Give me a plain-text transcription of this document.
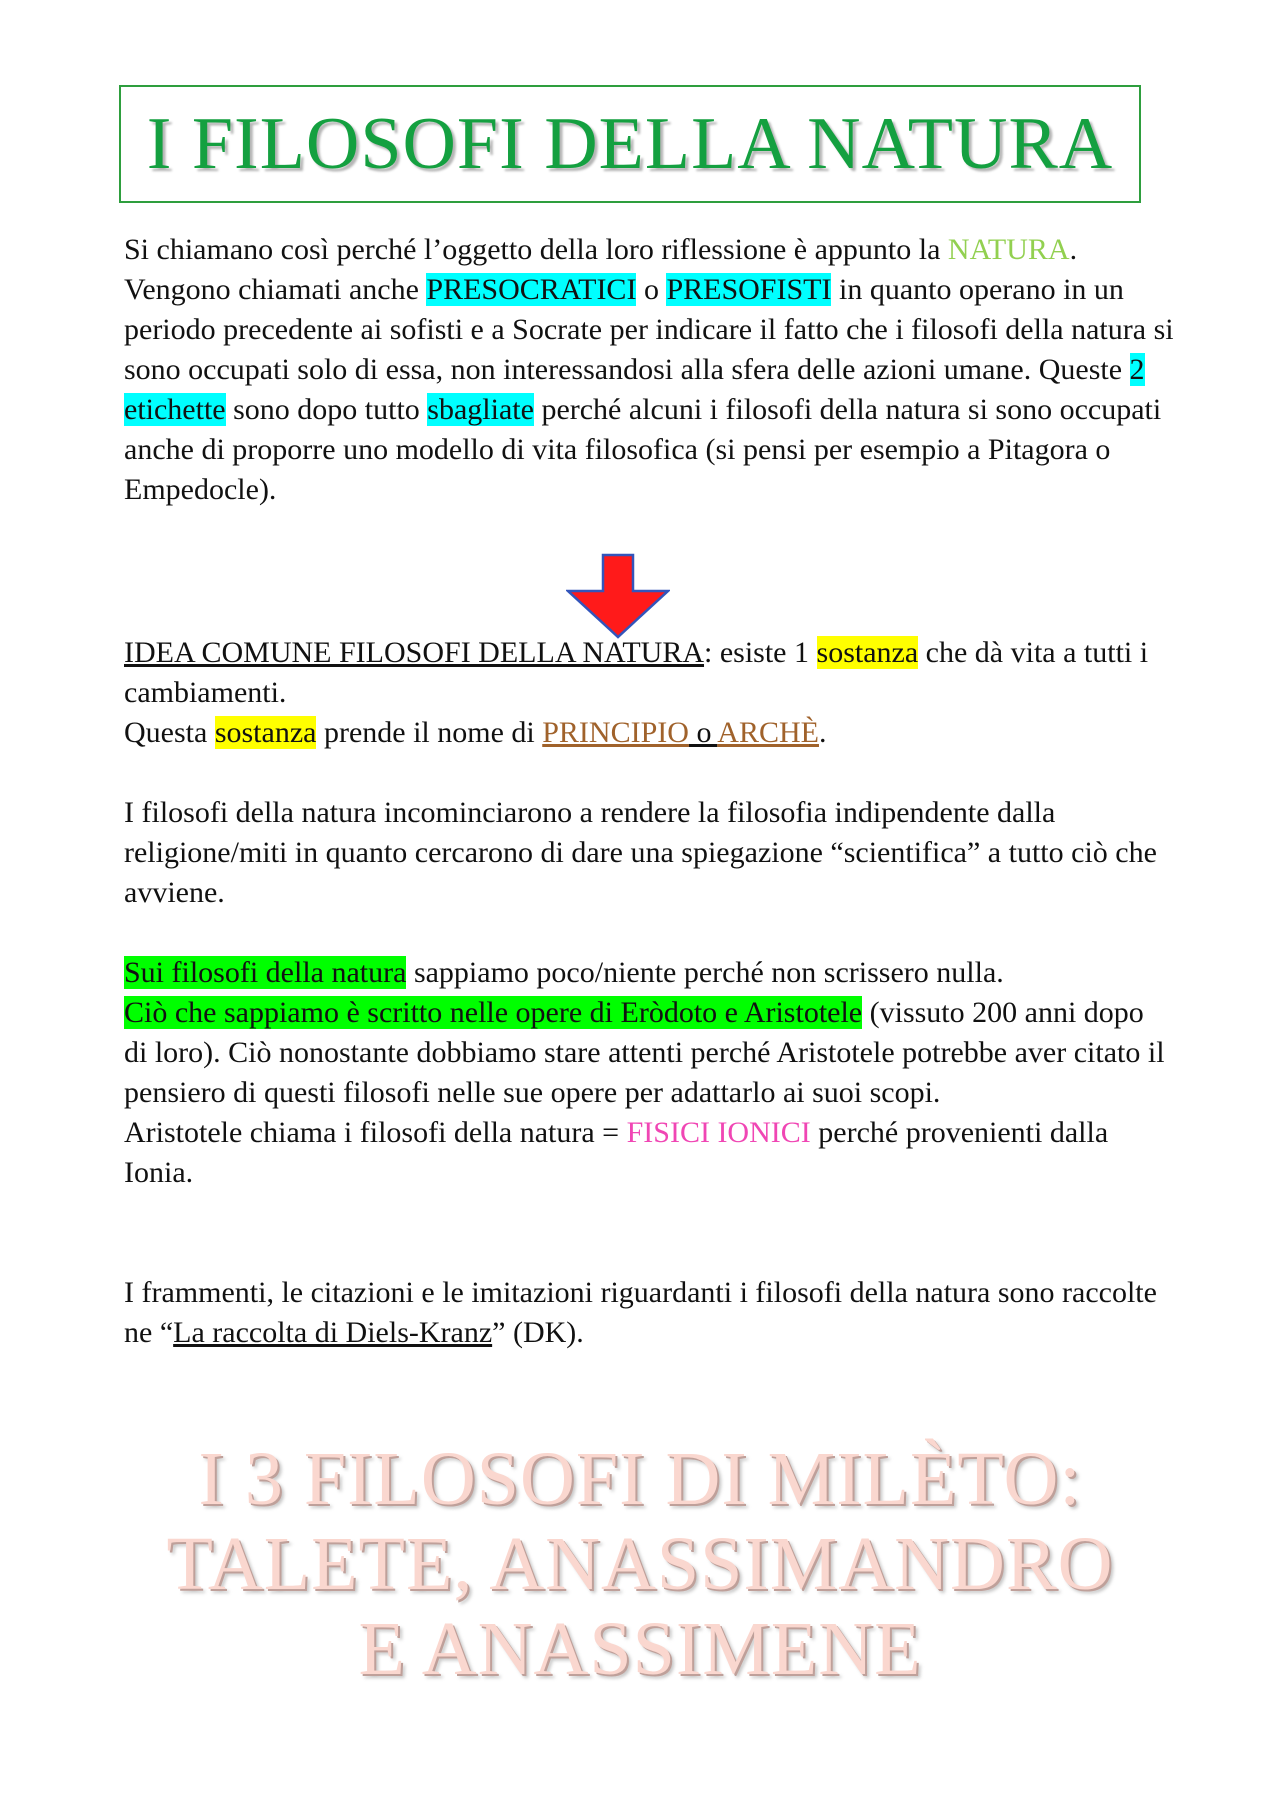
I FILOSOFI DELLA NATURA

Si chiamano così perché l’oggetto della loro riflessione è appunto la NATURA.
Vengono chiamati anche PRESOCRATICI o PRESOFISTI in quanto operano in un periodo precedente ai sofisti e a Socrate per indicare il fatto che i filosofi della natura si sono occupati solo di essa, non interessandosi alla sfera delle azioni umane. Queste 2 etichette sono dopo tutto sbagliate perché alcuni i filosofi della natura si sono occupati anche di proporre uno modello di vita filosofica (si pensi per esempio a Pitagora o Empedocle).

IDEA COMUNE FILOSOFI DELLA NATURA: esiste 1 sostanza che dà vita a tutti i cambiamenti.
Questa sostanza prende il nome di PRINCIPIO o ARCHÈ.

I filosofi della natura incominciarono a rendere la filosofia indipendente dalla religione/miti in quanto cercarono di dare una spiegazione “scientifica” a tutto ciò che avviene.

Sui filosofi della natura sappiamo poco/niente perché non scrissero nulla.
Ciò che sappiamo è scritto nelle opere di Eròdoto e Aristotele (vissuto 200 anni dopo di loro). Ciò nonostante dobbiamo stare attenti perché Aristotele potrebbe aver citato il pensiero di questi filosofi nelle sue opere per adattarlo ai suoi scopi.
Aristotele chiama i filosofi della natura = FISICI IONICI perché provenienti dalla Ionia.

I frammenti, le citazioni e le imitazioni riguardanti i filosofi della natura sono raccolte ne “La raccolta di Diels-Kranz” (DK).

I 3 FILOSOFI DI MILÈTO:
TALETE, ANASSIMANDRO
E ANASSIMENE
